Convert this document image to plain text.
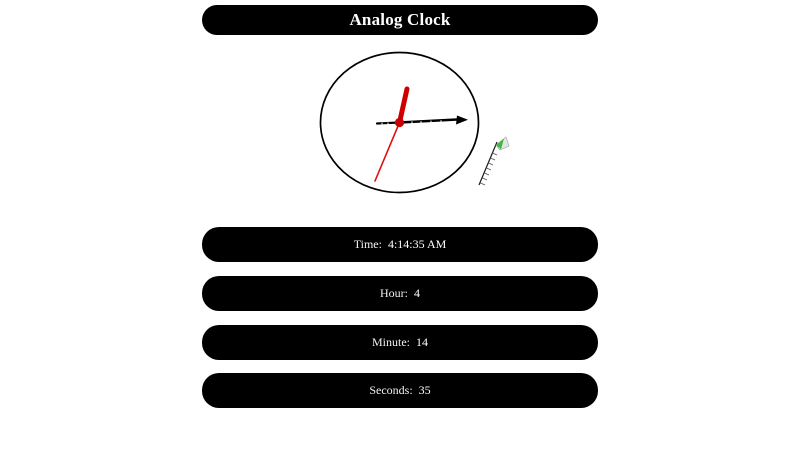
Analog Clock
Time: 4:14:35 AM
Hour: 4
Minute: 14
Seconds: 35
